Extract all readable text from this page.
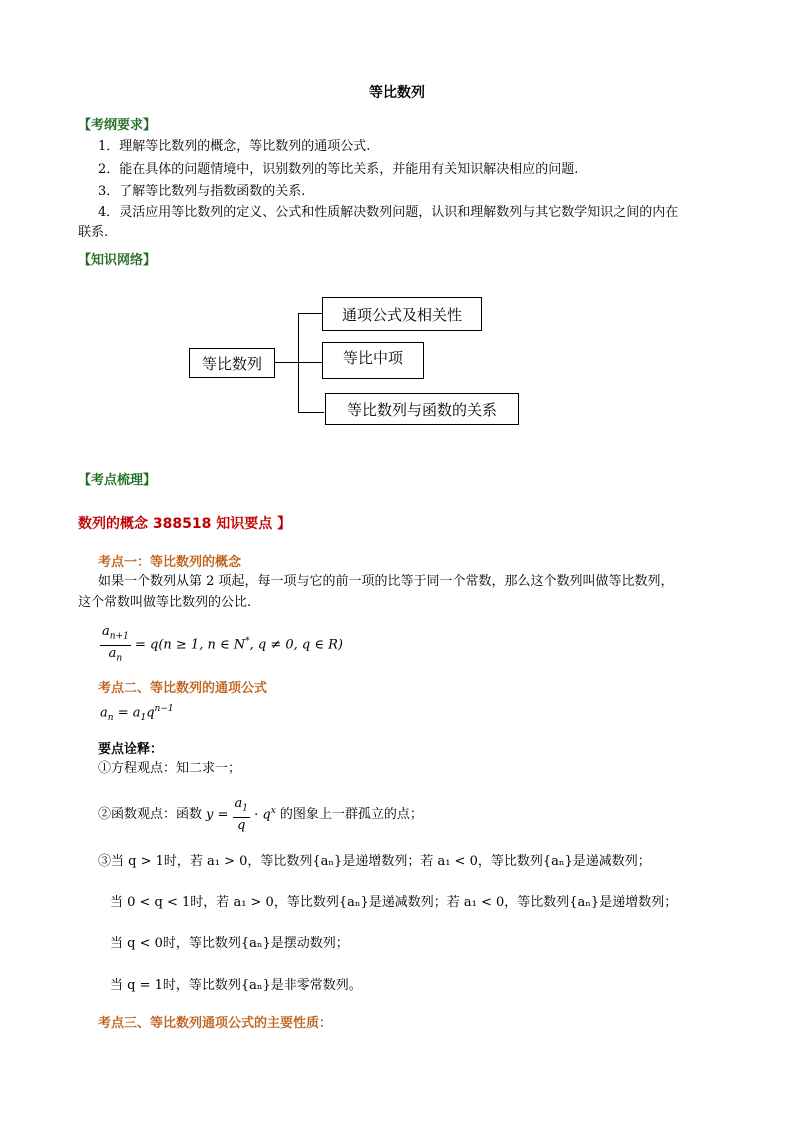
等比数列
【考纲要求】
1．理解等比数列的概念，等比数列的通项公式.
2．能在具体的问题情境中，识别数列的等比关系，并能用有关知识解决相应的问题.
3．了解等比数列与指数函数的关系.
4．灵活应用等比数列的定义、公式和性质解决数列问题，认识和理解数列与其它数学知识之间的内在
联系.
【知识网络】
等比数列
通项公式及相关性
等比中项
等比数列与函数的关系
【考点梳理】
数列的概念 388518 知识要点 】
考点一：等比数列的概念
如果一个数列从第 2 项起，每一项与它的前一项的比等于同一个常数，那么这个数列叫做等比数列，
这个常数叫做等比数列的公比.
$\frac{a_{n+1}}{a_n} = q(n \ge 1$, n ∈ N*, q ≠ 0, q ∈ R)
考点二、等比数列的通项公式
$a_n = a_1q^{n-1}$
要点诠释：
①方程观点：知二求一；
②函数观点：函数 $y = \frac{a_1}{q} \cdot q^x$ 的图象上一群孤立的点；
③当 q > 1时，若 a₁ > 0，等比数列{aₙ}是递增数列；若 a₁ < 0，等比数列{aₙ}是递减数列；
当 0 < q < 1时，若 a₁ > 0，等比数列{aₙ}是递减数列；若 a₁ < 0，等比数列{aₙ}是递增数列；
当 q < 0时，等比数列{aₙ}是摆动数列；
当 q = 1时，等比数列{aₙ}是非零常数列。
考点三、等比数列通项公式的主要性质：
